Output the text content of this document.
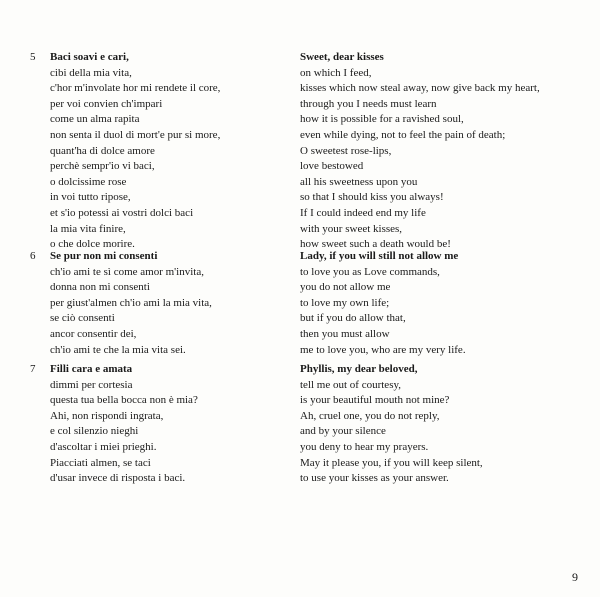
5 Baci soavi e cari,
cibi della mia vita,
c'hor m'involate hor mi rendete il core,
per voi convien ch'impari
come un alma rapita
non senta il duol di mort'e pur si more,
quant'ha di dolce amore
perchè sempr'io vi baci,
o dolcissime rose
in voi tutto ripose,
et s'io potessi ai vostri dolci baci
la mia vita finire,
o che dolce morire.
Sweet, dear kisses
on which I feed,
kisses which now steal away, now give back my heart,
through you I needs must learn
how it is possible for a ravished soul,
even while dying, not to feel the pain of death;
O sweetest rose-lips,
love bestowed
all his sweetness upon you
so that I should kiss you always!
If I could indeed end my life
with your sweet kisses,
how sweet such a death would be!
6 Se pur non mi consenti
ch'io ami te sì come amor m'invita,
donna non mi consenti
per giust'almen ch'io ami la mia vita,
se ciò consenti
ancor consentir dei,
ch'io ami te che la mia vita sei.
Lady, if you will still not allow me
to love you as Love commands,
you do not allow me
to love my own life;
but if you do allow that,
then you must allow
me to love you, who are my very life.
7 Filli cara e amata
dimmi per cortesia
questa tua bella bocca non è mia?
Ahi, non rispondi ingrata,
e col silenzio nieghi
d'ascoltar i miei prieghi.
Piacciati almen, se taci
d'usar invece di risposta i baci.
Phyllis, my dear beloved,
tell me out of courtesy,
is your beautiful mouth not mine?
Ah, cruel one, you do not reply,
and by your silence
you deny to hear my prayers.
May it please you, if you will keep silent,
to use your kisses as your answer.
9
